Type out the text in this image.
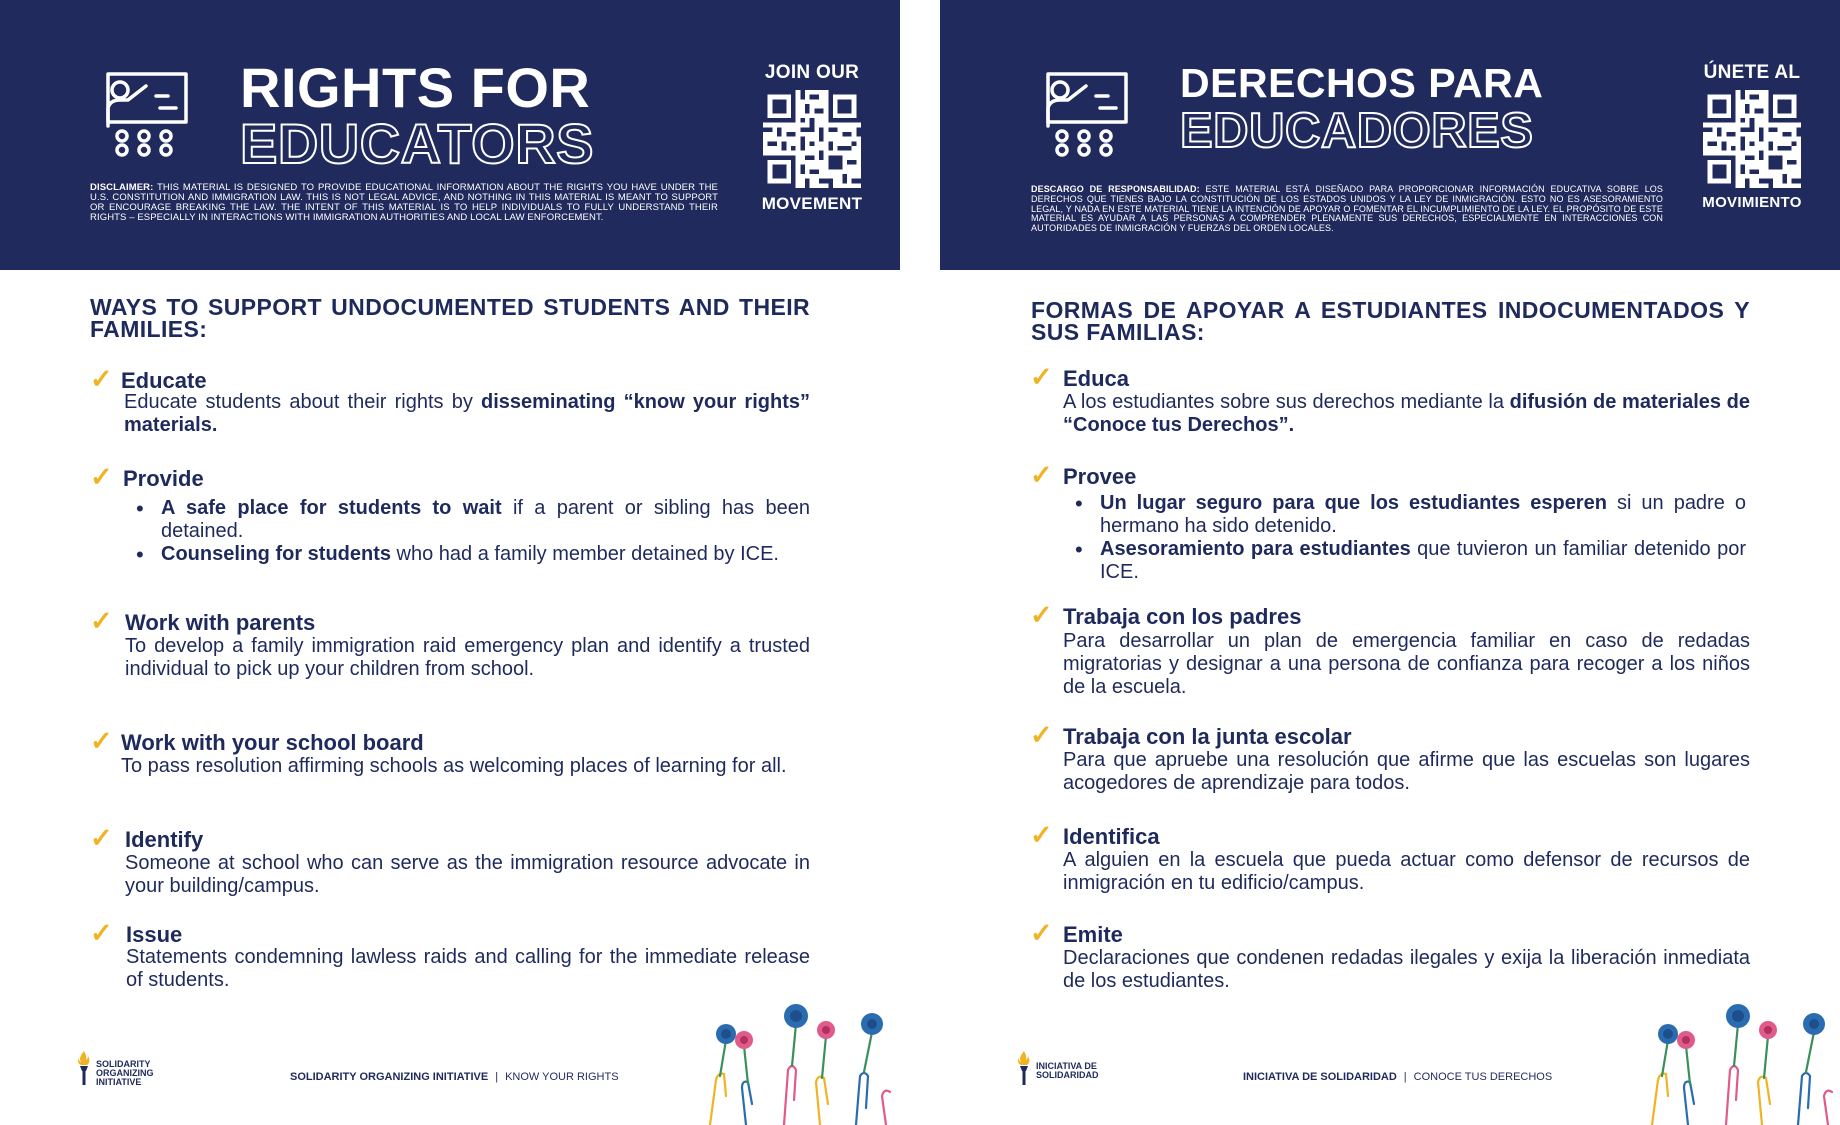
RIGHTS FOR
EDUCATORS
JOIN OUR
MOVEMENT

DISCLAIMER: THIS MATERIAL IS DESIGNED TO PROVIDE EDUCATIONAL INFORMATION ABOUT THE RIGHTS YOU HAVE UNDER THE U.S. CONSTITUTION AND IMMIGRATION LAW. THIS IS NOT LEGAL ADVICE, AND NOTHING IN THIS MATERIAL IS MEANT TO SUPPORT OR ENCOURAGE BREAKING THE LAW. THE INTENT OF THIS MATERIAL IS TO HELP INDIVIDUALS TO FULLY UNDERSTAND THEIR RIGHTS – ESPECIALLY IN INTERACTIONS WITH IMMIGRATION AUTHORITIES AND LOCAL LAW ENFORCEMENT.

WAYS TO SUPPORT UNDOCUMENTED STUDENTS AND THEIR FAMILIES:
✓ Educate

Educate students about their rights by disseminating “know your rights” materials.

✓ Provide
• A safe place for students to wait if a parent or sibling has been detained.
• Counseling for students who had a family member detained by ICE.
✓ Work with parents

To develop a family immigration raid emergency plan and identify a trusted individual to pick up your children from school.

✓ Work with your school board

To pass resolution affirming schools as welcoming places of learning for all.

✓ Identify

Someone at school who can serve as the immigration resource advocate in your building/campus.

✓ Issue

Statements condemning lawless raids and calling for the immediate release of students.

SOLIDARITY
ORGANIZING
INITIATIVE	SOLIDARITY ORGANIZING INITIATIVE | KNOW YOUR RIGHTS
DERECHOS PARA
EDUCADORES
ÚNETE AL
MOVIMIENTO

DESCARGO DE RESPONSABILIDAD: ESTE MATERIAL ESTÁ DISEÑADO PARA PROPORCIONAR INFORMACIÓN EDUCATIVA SOBRE LOS DERECHOS QUE TIENES BAJO LA CONSTITUCIÓN DE LOS ESTADOS UNIDOS Y LA LEY DE INMIGRACIÓN. ESTO NO ES ASESORAMIENTO LEGAL, Y NADA EN ESTE MATERIAL TIENE LA INTENCIÓN DE APOYAR O FOMENTAR EL INCUMPLIMIENTO DE LA LEY. EL PROPÓSITO DE ESTE MATERIAL ES AYUDAR A LAS PERSONAS A COMPRENDER PLENAMENTE SUS DERECHOS, ESPECIALMENTE EN INTERACCIONES CON AUTORIDADES DE INMIGRACIÓN Y FUERZAS DEL ORDEN LOCALES.

FORMAS DE APOYAR A ESTUDIANTES INDOCUMENTADOS Y SUS FAMILIAS:
✓ Educa

A los estudiantes sobre sus derechos mediante la difusión de materiales de “Conoce tus Derechos”.

✓ Provee
• Un lugar seguro para que los estudiantes esperen si un padre o hermano ha sido detenido.
• Asesoramiento para estudiantes que tuvieron un familiar detenido por ICE.
✓ Trabaja con los padres

Para desarrollar un plan de emergencia familiar en caso de redadas migratorias y designar a una persona de confianza para recoger a los niños de la escuela.

✓ Trabaja con la junta escolar

Para que apruebe una resolución que afirme que las escuelas son lugares acogedores de aprendizaje para todos.

✓ Identifica

A alguien en la escuela que pueda actuar como defensor de recursos de inmigración en tu edificio/campus.

✓ Emite

Declaraciones que condenen redadas ilegales y exija la liberación inmediata de los estudiantes.

INICIATIVA DE
SOLIDARIDAD	INICIATIVA DE SOLIDARIDAD | CONOCE TUS DERECHOS
